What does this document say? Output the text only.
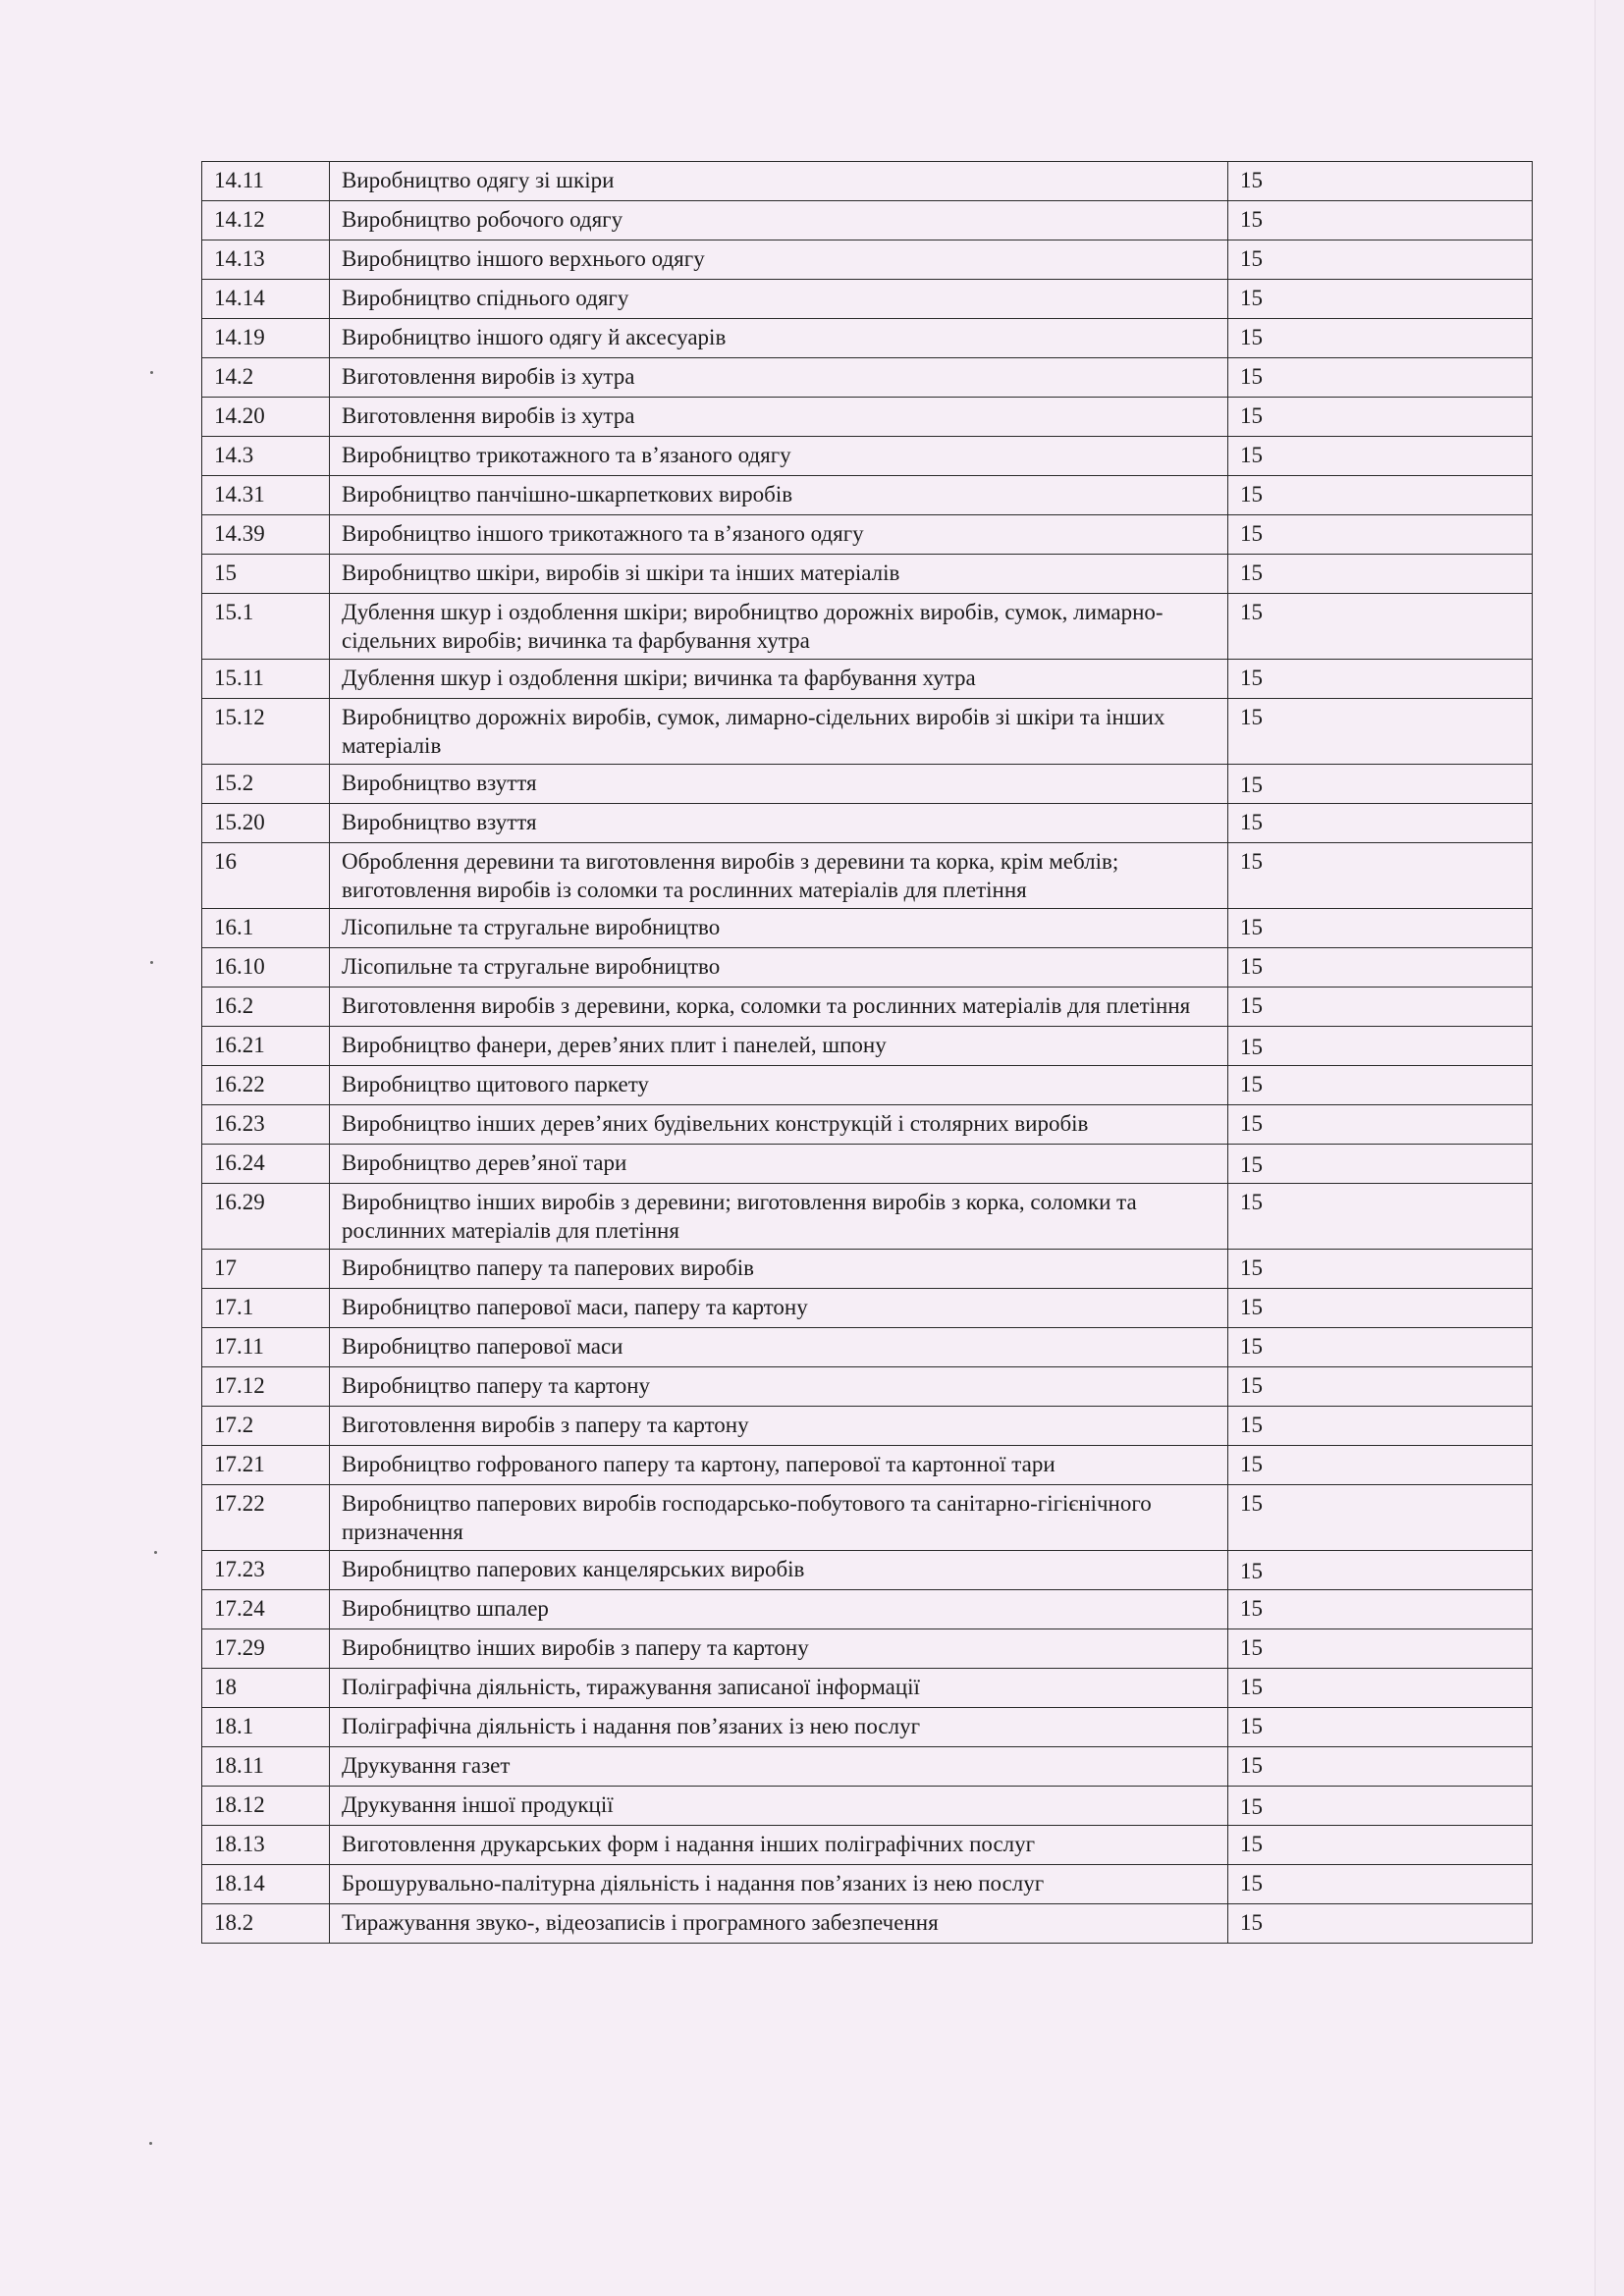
14.11	Виробництво одягу зі шкіри	15
14.12	Виробництво робочого одягу	15
14.13	Виробництво іншого верхнього одягу	15
14.14	Виробництво спіднього одягу	15
14.19	Виробництво іншого одягу й аксесуарів	15
14.2	Виготовлення виробів із хутра	15
14.20	Виготовлення виробів із хутра	15
14.3	Виробництво трикотажного та в’язаного одягу	15
14.31	Виробництво панчішно-шкарпеткових виробів	15
14.39	Виробництво іншого трикотажного та в’язаного одягу	15
15	Виробництво шкіри, виробів зі шкіри та інших матеріалів	15
15.1	Дублення шкур і оздоблення шкіри; виробництво дорожніх виробів, сумок, лимарно-сідельних виробів; вичинка та фарбування хутра	15
15.11	Дублення шкур і оздоблення шкіри; вичинка та фарбування хутра	15
15.12	Виробництво дорожніх виробів, сумок, лимарно-сідельних виробів зі шкіри та інших матеріалів	15
15.2	Виробництво взуття	15
15.20	Виробництво взуття	15
16	Оброблення деревини та виготовлення виробів з деревини та корка, крім меблів; виготовлення виробів із соломки та рослинних матеріалів для плетіння	15
16.1	Лісопильне та стругальне виробництво	15
16.10	Лісопильне та стругальне виробництво	15
16.2	Виготовлення виробів з деревини, корка, соломки та рослинних матеріалів для плетіння	15
16.21	Виробництво фанери, дерев’яних плит і панелей, шпону	15
16.22	Виробництво щитового паркету	15
16.23	Виробництво інших дерев’яних будівельних конструкцій і столярних виробів	15
16.24	Виробництво дерев’яної тари	15
16.29	Виробництво інших виробів з деревини; виготовлення виробів з корка, соломки та рослинних матеріалів для плетіння	15
17	Виробництво паперу та паперових виробів	15
17.1	Виробництво паперової маси, паперу та картону	15
17.11	Виробництво паперової маси	15
17.12	Виробництво паперу та картону	15
17.2	Виготовлення виробів з паперу та картону	15
17.21	Виробництво гофрованого паперу та картону, паперової та картонної тари	15
17.22	Виробництво паперових виробів господарсько-побутового та санітарно-гігієнічного призначення	15
17.23	Виробництво паперових канцелярських виробів	15
17.24	Виробництво шпалер	15
17.29	Виробництво інших виробів з паперу та картону	15
18	Поліграфічна діяльність, тиражування записаної інформації	15
18.1	Поліграфічна діяльність і надання пов’язаних із нею послуг	15
18.11	Друкування газет	15
18.12	Друкування іншої продукції	15
18.13	Виготовлення друкарських форм і надання інших поліграфічних послуг	15
18.14	Брошурувально-палітурна діяльність і надання пов’язаних із нею послуг	15
18.2	Тиражування звуко-, відеозаписів і програмного забезпечення	15
